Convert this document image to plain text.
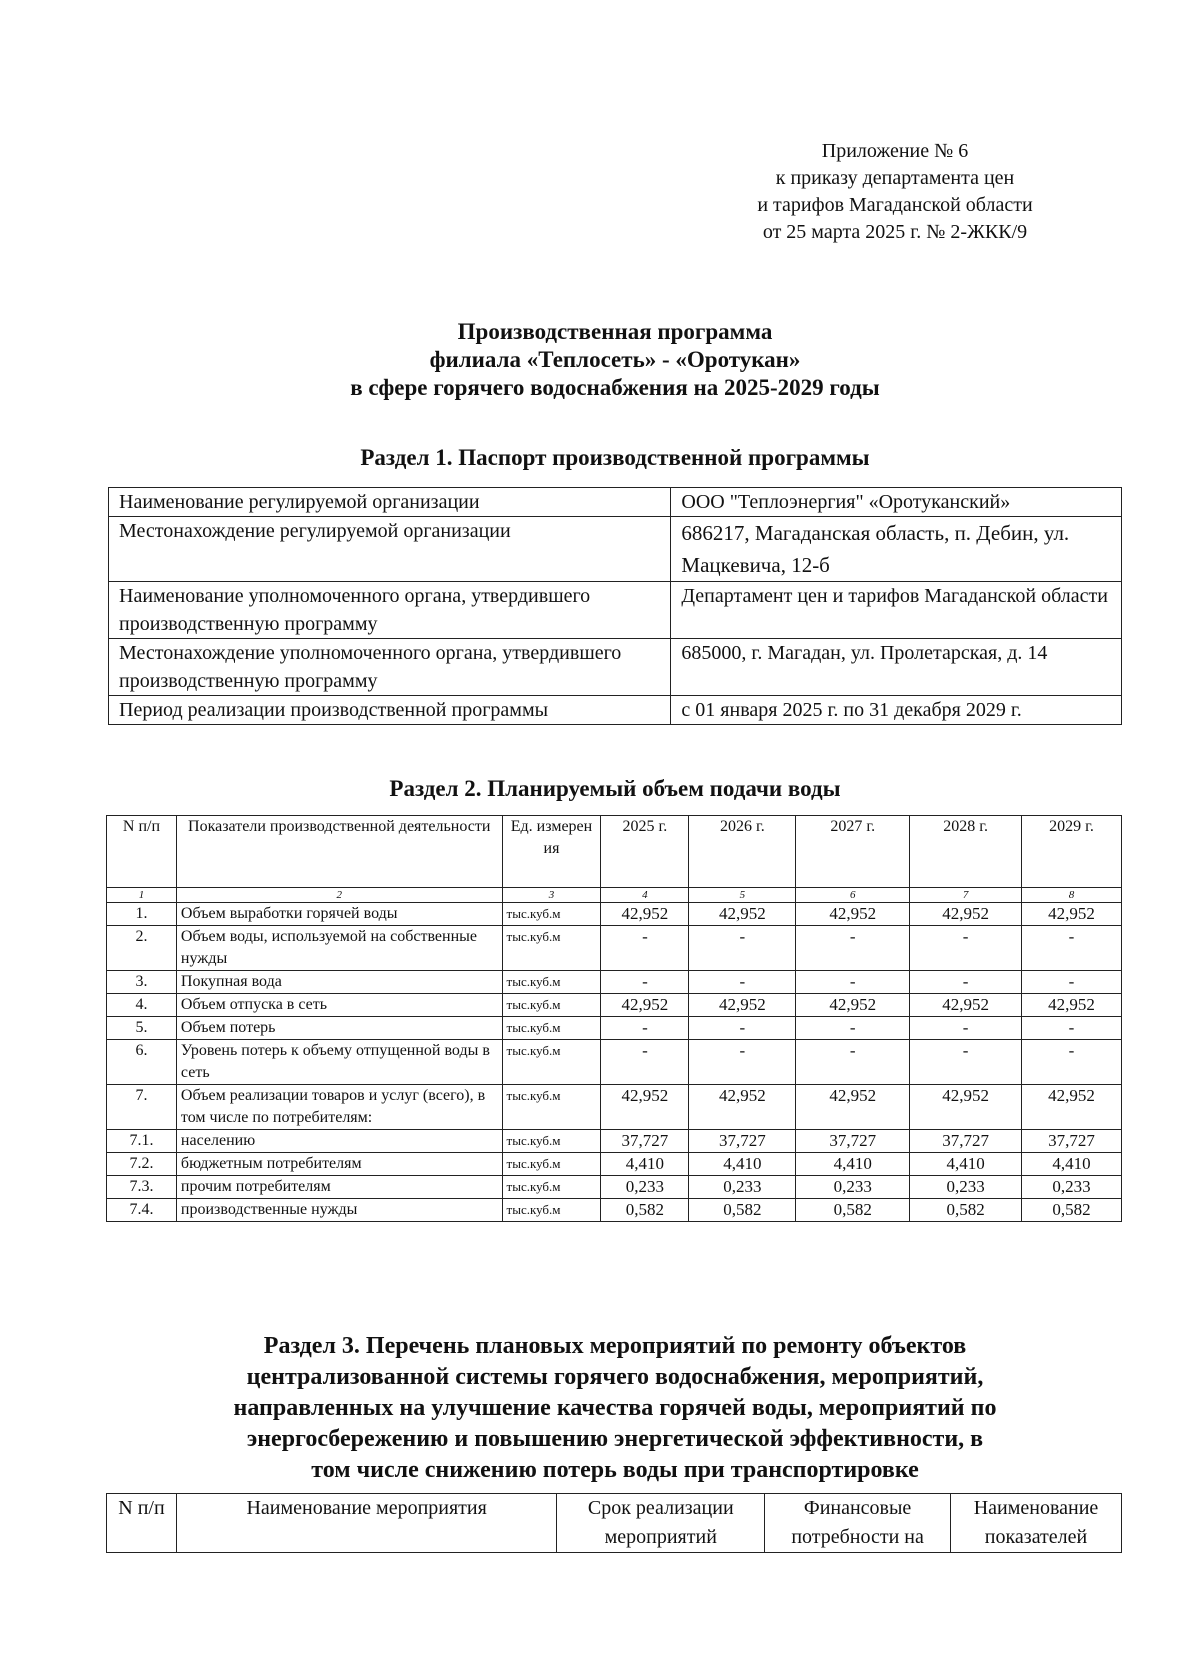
Приложение № 6
к приказу департамента цен
и тарифов Магаданской области
от 25 марта 2025 г. № 2-ЖКК/9
Производственная программа
филиала «Теплосеть» - «Оротукан»
в сфере горячего водоснабжения на 2025-2029 годы
Раздел 1. Паспорт производственной программы
Наименование регулируемой организации	ООО "Теплоэнергия" «Оротуканский»
Местонахождение регулируемой организации	686217, Магаданская область, п. Дебин, ул. Мацкевича, 12-б
Наименование уполномоченного органа, утвердившего производственную программу	Департамент цен и тарифов Магаданской области
Местонахождение уполномоченного органа, утвердившего производственную программу	685000, г. Магадан, ул. Пролетарская, д. 14
Период реализации производственной программы	с 01 января 2025 г. по 31 декабря 2029 г.
Раздел 2. Планируемый объем подачи воды
N п/п	Показатели производственной деятельности	Ед. измерен ия	2025 г.	2026 г.	2027 г.	2028 г.	2029 г.
1	2	3	4	5	6	7	8
1.	Объем выработки горячей воды	тыс.куб.м	42,952	42,952	42,952	42,952	42,952
2.	Объем воды, используемой на собственные нужды	тыс.куб.м	-	-	-	-	-
3.	Покупная вода	тыс.куб.м	-	-	-	-	-
4.	Объем отпуска в сеть	тыс.куб.м	42,952	42,952	42,952	42,952	42,952
5.	Объем потерь	тыс.куб.м	-	-	-	-	-
6.	Уровень потерь к объему отпущенной воды в сеть	тыс.куб.м	-	-	-	-	-
7.	Объем реализации товаров и услуг (всего), в том числе по потребителям:	тыс.куб.м	42,952	42,952	42,952	42,952	42,952
7.1.	населению	тыс.куб.м	37,727	37,727	37,727	37,727	37,727
7.2.	бюджетным потребителям	тыс.куб.м	4,410	4,410	4,410	4,410	4,410
7.3.	прочим потребителям	тыс.куб.м	0,233	0,233	0,233	0,233	0,233
7.4.	производственные нужды	тыс.куб.м	0,582	0,582	0,582	0,582	0,582
Раздел 3. Перечень плановых мероприятий по ремонту объектов
централизованной системы горячего водоснабжения, мероприятий,
направленных на улучшение качества горячей воды, мероприятий по
энергосбережению и повышению энергетической эффективности, в
том числе снижению потерь воды при транспортировке
N п/п	Наименование мероприятия	Срок реализации мероприятий	Финансовые потребности на	Наименование показателей
